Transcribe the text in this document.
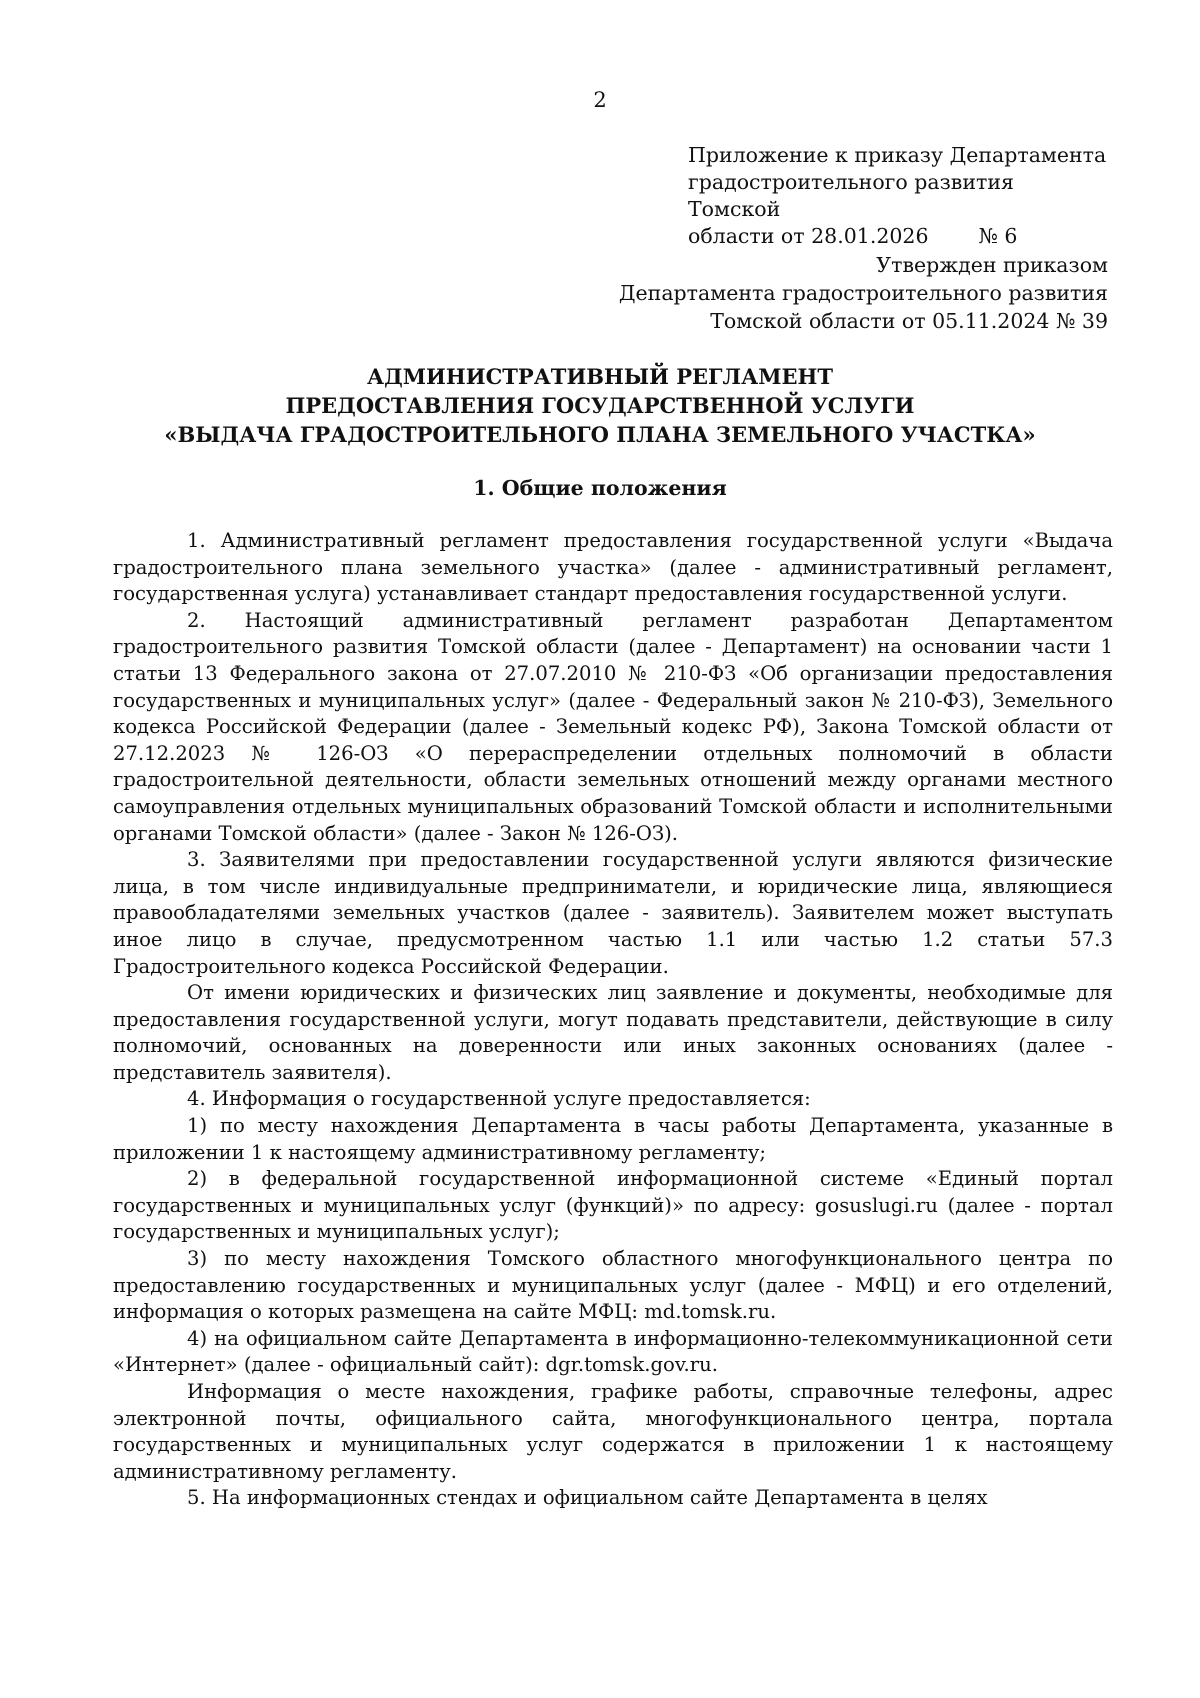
2
Приложение к приказу Департамента
градостроительного развития Томской
области от 28.01.2026 № 6
Утвержден приказом
Департамента градостроительного развития
Томской области от 05.11.2024 № 39
АДМИНИСТРАТИВНЫЙ РЕГЛАМЕНТ
ПРЕДОСТАВЛЕНИЯ ГОСУДАРСТВЕННОЙ УСЛУГИ
«ВЫДАЧА ГРАДОСТРОИТЕЛЬНОГО ПЛАНА ЗЕМЕЛЬНОГО УЧАСТКА»
1. Общие положения

1. Административный регламент предоставления государственной услуги «Выдача градостроительного плана земельного участка» (далее - административный регламент, государственная услуга) устанавливает стандарт предоставления государственной услуги.

2. Настоящий административный регламент разработан Департаментом градостроительного развития Томской области (далее - Департамент) на основании части 1 статьи 13 Федерального закона от 27.07.2010 № 210-ФЗ «Об организации предоставления государственных и муниципальных услуг» (далее - Федеральный закон № 210-ФЗ), Земельного кодекса Российской Федерации (далее - Земельный кодекс РФ), Закона Томской области от 27.12.2023 № 126-ОЗ «О перераспределении отдельных полномочий в области градостроительной деятельности, области земельных отношений между органами местного самоуправления отдельных муниципальных образований Томской области и исполнительными органами Томской области» (далее - Закон № 126-ОЗ).

3. Заявителями при предоставлении государственной услуги являются физические лица, в том числе индивидуальные предприниматели, и юридические лица, являющиеся правообладателями земельных участков (далее - заявитель). Заявителем может выступать иное лицо в случае, предусмотренном частью 1.1 или частью 1.2 статьи 57.3 Градостроительного кодекса Российской Федерации.

От имени юридических и физических лиц заявление и документы, необходимые для предоставления государственной услуги, могут подавать представители, действующие в силу полномочий, основанных на доверенности или иных законных основаниях (далее - представитель заявителя).

4. Информация о государственной услуге предоставляется:

1) по месту нахождения Департамента в часы работы Департамента, указанные в приложении 1 к настоящему административному регламенту;

2) в федеральной государственной информационной системе «Единый портал государственных и муниципальных услуг (функций)» по адресу: gosuslugi.ru (далее - портал государственных и муниципальных услуг);

3) по месту нахождения Томского областного многофункционального центра по предоставлению государственных и муниципальных услуг (далее - МФЦ) и его отделений, информация о которых размещена на сайте МФЦ: md.tomsk.ru.

4) на официальном сайте Департамента в информационно-телекоммуникационной сети «Интернет» (далее - официальный сайт): dgr.tomsk.gov.ru.

Информация о месте нахождения, графике работы, справочные телефоны, адрес электронной почты, официального сайта, многофункционального центра, портала государственных и муниципальных услуг содержатся в приложении 1 к настоящему административному регламенту.

5. На информационных стендах и официальном сайте Департамента в целях
